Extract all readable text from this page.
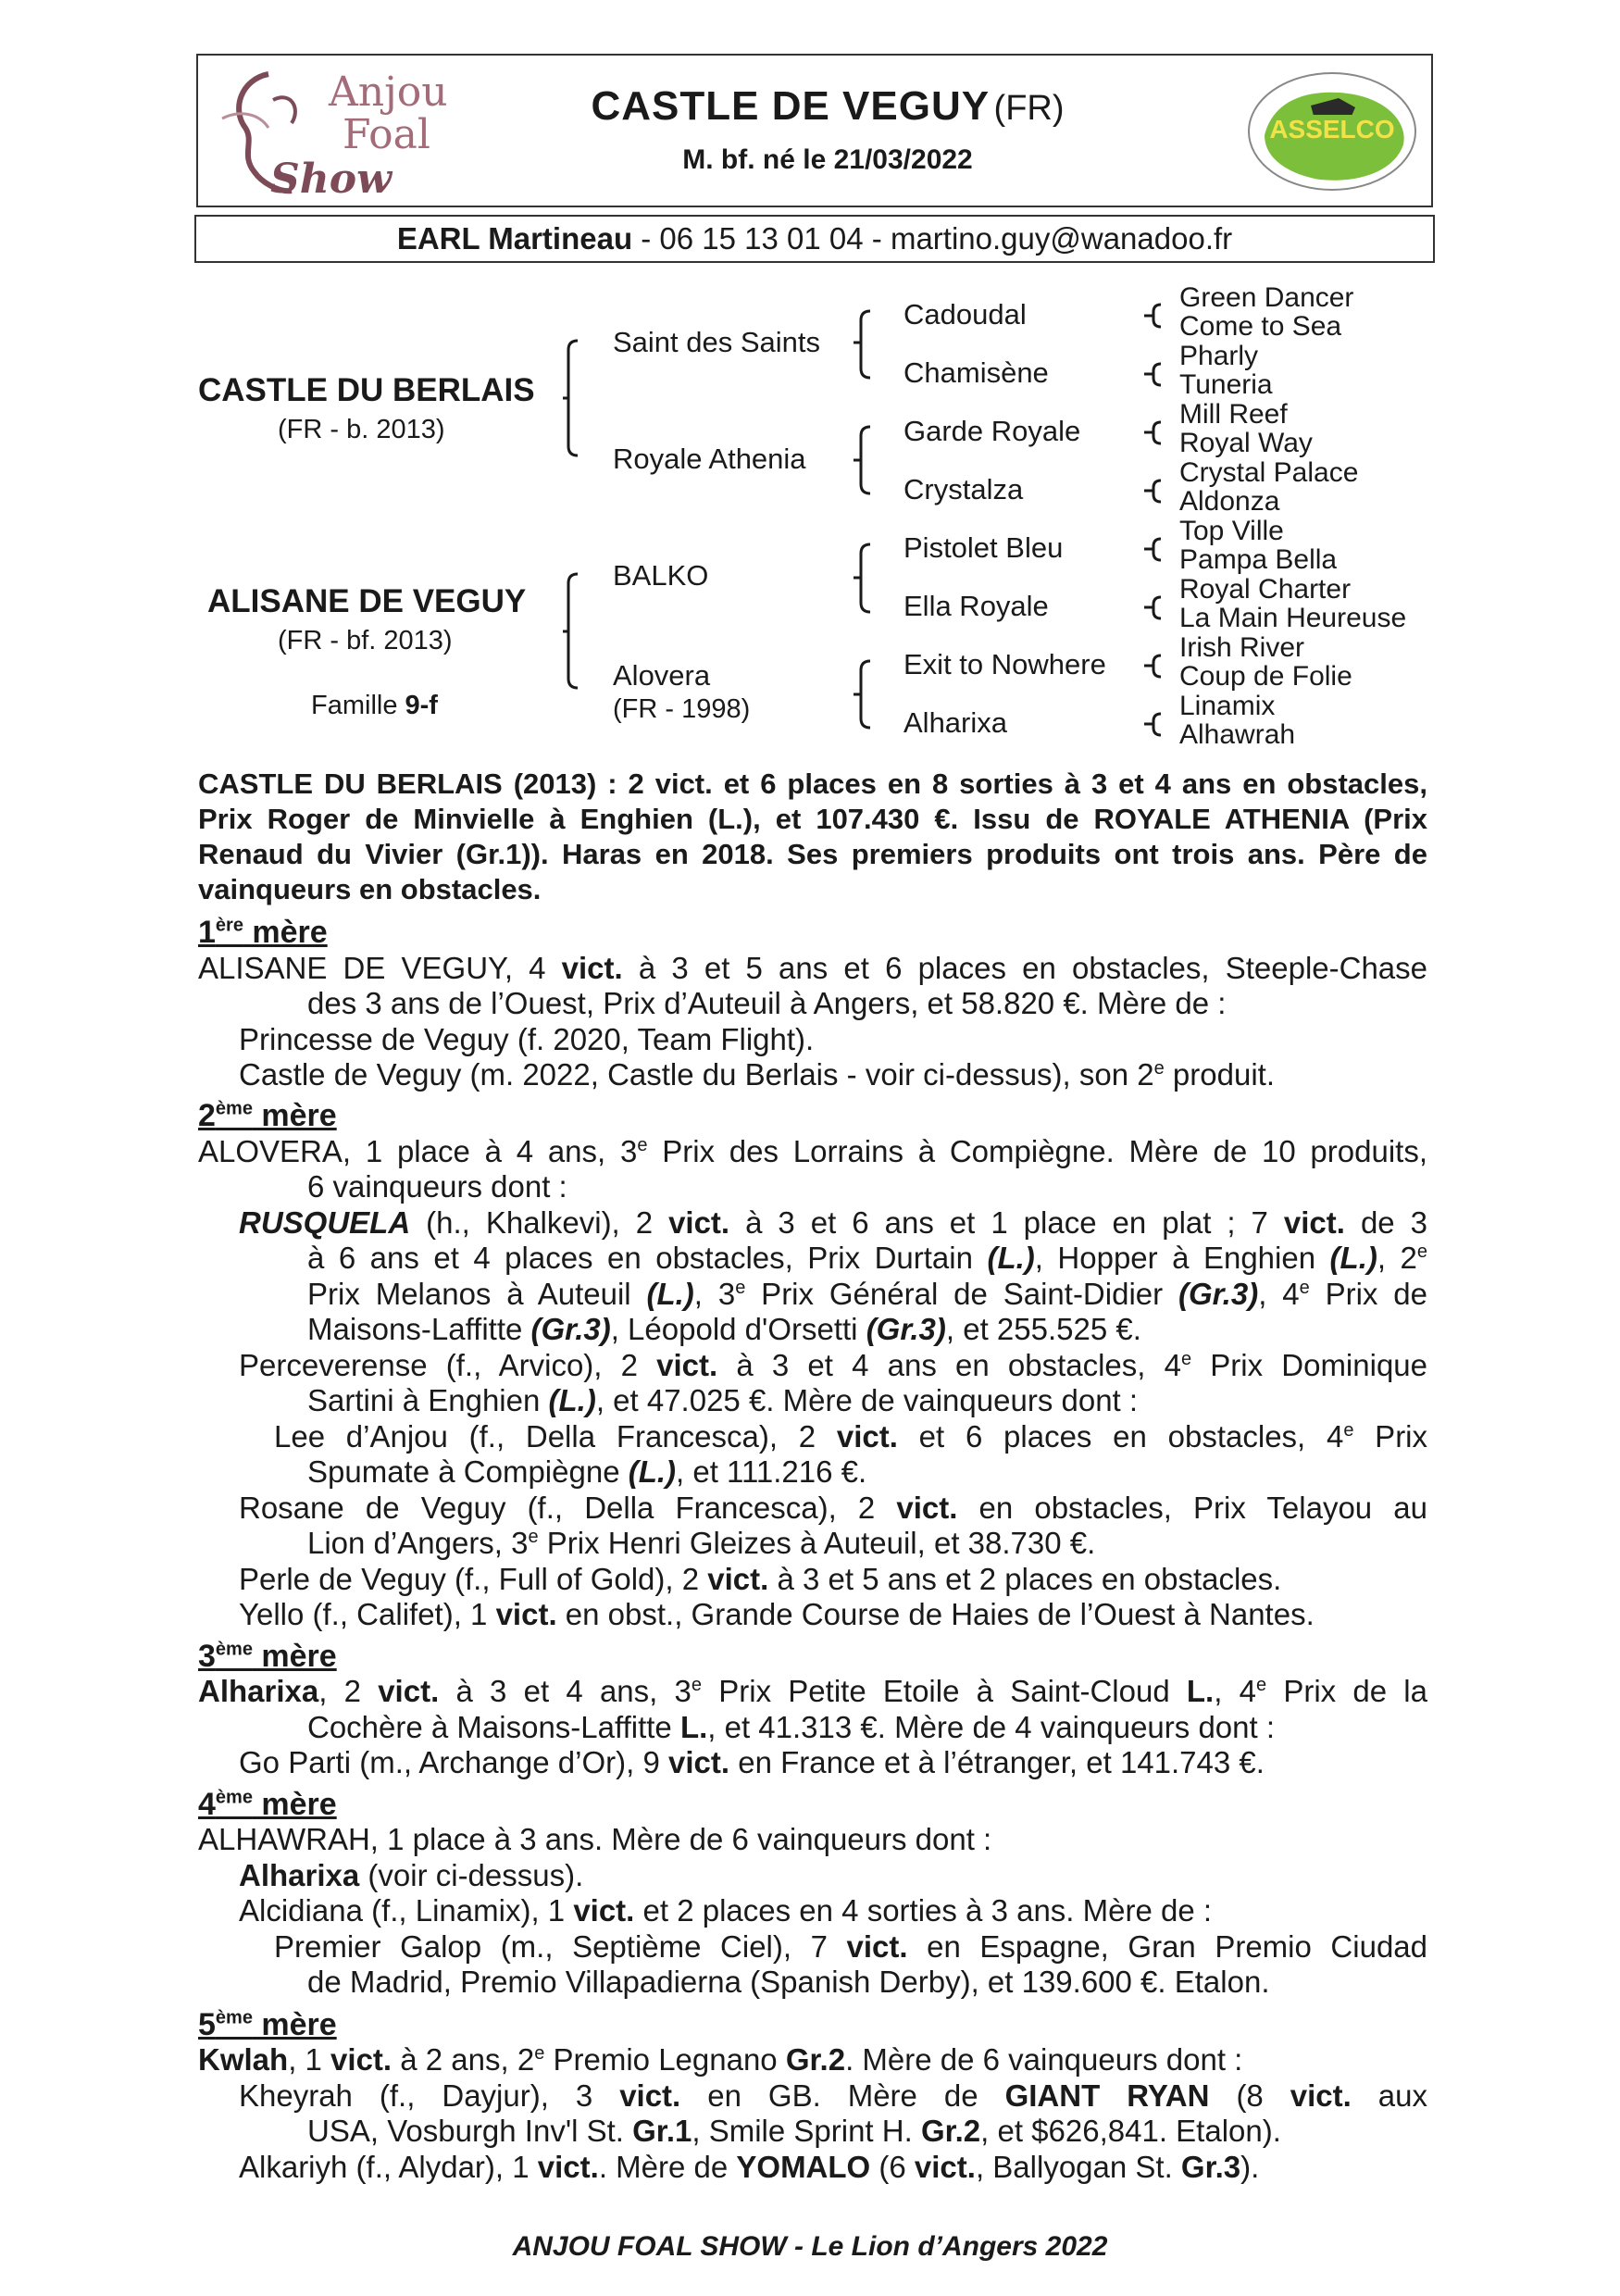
Anjou
Foal
Show
CASTLE DE VEGUY (FR)
M. bf. né le 21/03/2022
ASSELCO
EARL Martineau - 06 15 13 01 04 - martino.guy@wanadoo.fr
CASTLE DU BERLAIS
(FR - b. 2013)
ALISANE DE VEGUY
(FR - bf. 2013)
Famille 9-f
Saint des Saints
Royale Athenia
BALKO
Alovera
(FR - 1998)
Cadoudal
Chamisène
Garde Royale
Crystalza
Pistolet Bleu
Ella Royale
Exit to Nowhere
Alharixa
Green Dancer
Come to Sea
Pharly
Tuneria
Mill Reef
Royal Way
Crystal Palace
Aldonza
Top Ville
Pampa Bella
Royal Charter
La Main Heureuse
Irish River
Coup de Folie
Linamix
Alhawrah
CASTLE DU BERLAIS (2013) : 2 vict. et 6 places en 8 sorties à 3 et 4 ans en obstacles, Prix Roger de Minvielle à Enghien (L.), et 107.430 €. Issu de ROYALE ATHENIA (Prix Renaud du Vivier (Gr.1)). Haras en 2018. Ses premiers produits ont trois ans. Père de vainqueurs en obstacles.
1ère mère
ALISANE DE VEGUY, 4 vict. à 3 et 5 ans et 6 places en obstacles, Steeple-Chase
des 3 ans de l’Ouest, Prix d’Auteuil à Angers, et 58.820 €. Mère de :
Princesse de Veguy (f. 2020, Team Flight).
Castle de Veguy (m. 2022, Castle du Berlais - voir ci-dessus), son 2e produit.
2ème mère
ALOVERA, 1 place à 4 ans, 3e Prix des Lorrains à Compiègne. Mère de 10 produits,
6 vainqueurs dont :
RUSQUELA (h., Khalkevi), 2 vict. à 3 et 6 ans et 1 place en plat ; 7 vict. de 3
à 6 ans et 4 places en obstacles, Prix Durtain (L.), Hopper à Enghien (L.), 2e
Prix Melanos à Auteuil (L.), 3e Prix Général de Saint-Didier (Gr.3), 4e Prix de
Maisons-Laffitte (Gr.3), Léopold d'Orsetti (Gr.3), et 255.525 €.
Perceverense (f., Arvico), 2 vict. à 3 et 4 ans en obstacles, 4e Prix Dominique
Sartini à Enghien (L.), et 47.025 €. Mère de vainqueurs dont :
Lee d’Anjou (f., Della Francesca), 2 vict. et 6 places en obstacles, 4e Prix
Spumate à Compiègne (L.), et 111.216 €.
Rosane de Veguy (f., Della Francesca), 2 vict. en obstacles, Prix Telayou au
Lion d’Angers, 3e Prix Henri Gleizes à Auteuil, et 38.730 €.
Perle de Veguy (f., Full of Gold), 2 vict. à 3 et 5 ans et 2 places en obstacles.
Yello (f., Califet), 1 vict. en obst., Grande Course de Haies de l’Ouest à Nantes.
3ème mère
Alharixa, 2 vict. à 3 et 4 ans, 3e Prix Petite Etoile à Saint-Cloud L., 4e Prix de la
Cochère à Maisons-Laffitte L., et 41.313 €. Mère de 4 vainqueurs dont :
Go Parti (m., Archange d’Or), 9 vict. en France et à l’étranger, et 141.743 €.
4ème mère
ALHAWRAH, 1 place à 3 ans. Mère de 6 vainqueurs dont :
Alharixa (voir ci-dessus).
Alcidiana (f., Linamix), 1 vict. et 2 places en 4 sorties à 3 ans. Mère de :
Premier Galop (m., Septième Ciel), 7 vict. en Espagne, Gran Premio Ciudad
de Madrid, Premio Villapadierna (Spanish Derby), et 139.600 €. Etalon.
5ème mère
Kwlah, 1 vict. à 2 ans, 2e Premio Legnano Gr.2. Mère de 6 vainqueurs dont :
Kheyrah (f., Dayjur), 3 vict. en GB. Mère de GIANT RYAN (8 vict. aux
USA, Vosburgh Inv'l St. Gr.1, Smile Sprint H. Gr.2, et $626,841. Etalon).
Alkariyh (f., Alydar), 1 vict.. Mère de YOMALO (6 vict., Ballyogan St. Gr.3).
ANJOU FOAL SHOW - Le Lion d’Angers 2022
